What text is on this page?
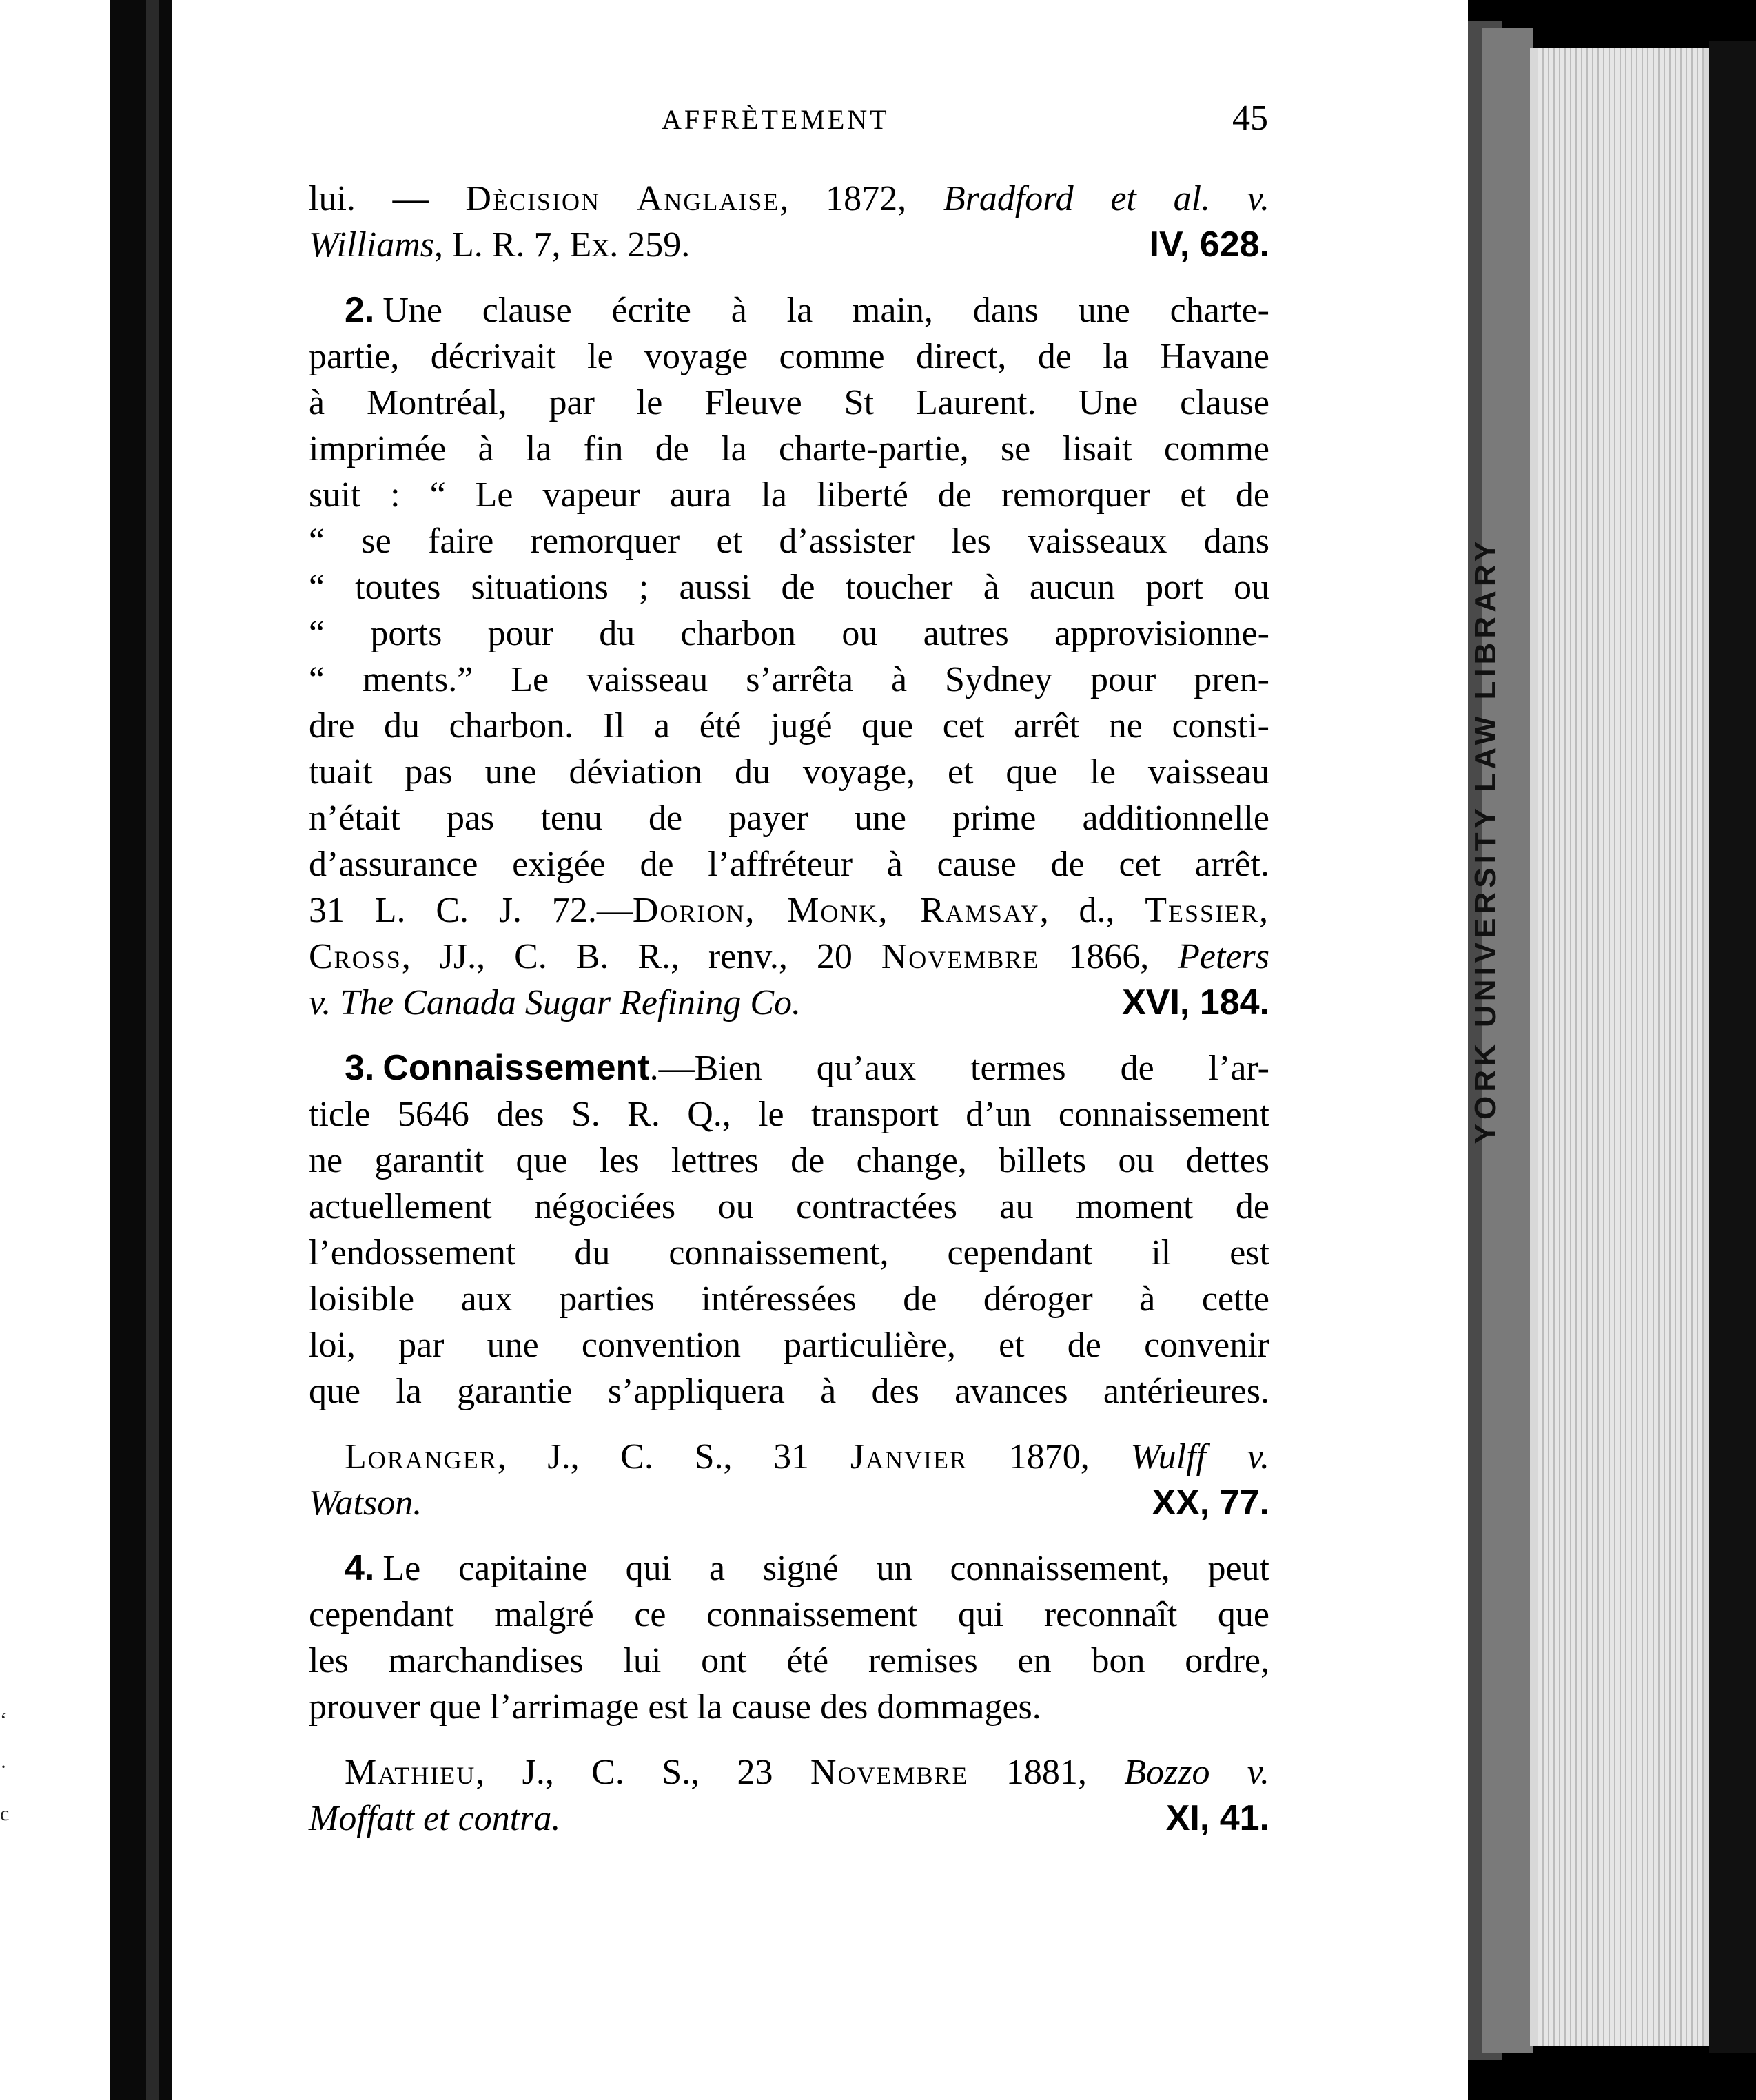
‘

·

c
YORK UNIVERSITY LAW LIBRARY
AFFRÈTEMENT	45
lui. — Dècision Anglaise, 1872, Bradford et al. v.
Williams, L. R. 7, Ex. 259.	IV, 628.
2. Une clause écrite à la main, dans une charte-
partie, décrivait le voyage comme direct, de la Havane
à Montréal, par le Fleuve St Laurent. Une clause
imprimée à la fin de la charte-partie, se lisait comme
suit : “ Le vapeur aura la liberté de remorquer et de
“ se faire remorquer et d’assister les vaisseaux dans
“ toutes situations ; aussi de toucher à aucun port ou
“ ports pour du charbon ou autres approvisionne-
“ ments.” Le vaisseau s’arrêta à Sydney pour pren-
dre du charbon. Il a été jugé que cet arrêt ne consti-
tuait pas une déviation du voyage, et que le vaisseau
n’était pas tenu de payer une prime additionnelle
d’assurance exigée de l’affréteur à cause de cet arrêt.
31 L. C. J. 72.—Dorion, Monk, Ramsay, d., Tessier,
Cross, JJ., C. B. R., renv., 20 Novembre 1866, Peters
v. The Canada Sugar Refining Co.	XVI, 184.
3. Connaissement.—Bien qu’aux termes de l’ar-
ticle 5646 des S. R. Q., le transport d’un connaissement
ne garantit que les lettres de change, billets ou dettes
actuellement négociées ou contractées au moment de
l’endossement du connaissement, cependant il est
loisible aux parties intéressées de déroger à cette
loi, par une convention particulière, et de convenir
que la garantie s’appliquera à des avances antérieures.
Loranger, J., C. S., 31 Janvier 1870, Wulff v.
Watson.	XX, 77.
4. Le capitaine qui a signé un connaissement, peut
cependant malgré ce connaissement qui reconnaît que
les marchandises lui ont été remises en bon ordre,
prouver que l’arrimage est la cause des dommages.
Mathieu, J., C. S., 23 Novembre 1881, Bozzo v.
Moffatt et contra.	XI, 41.
